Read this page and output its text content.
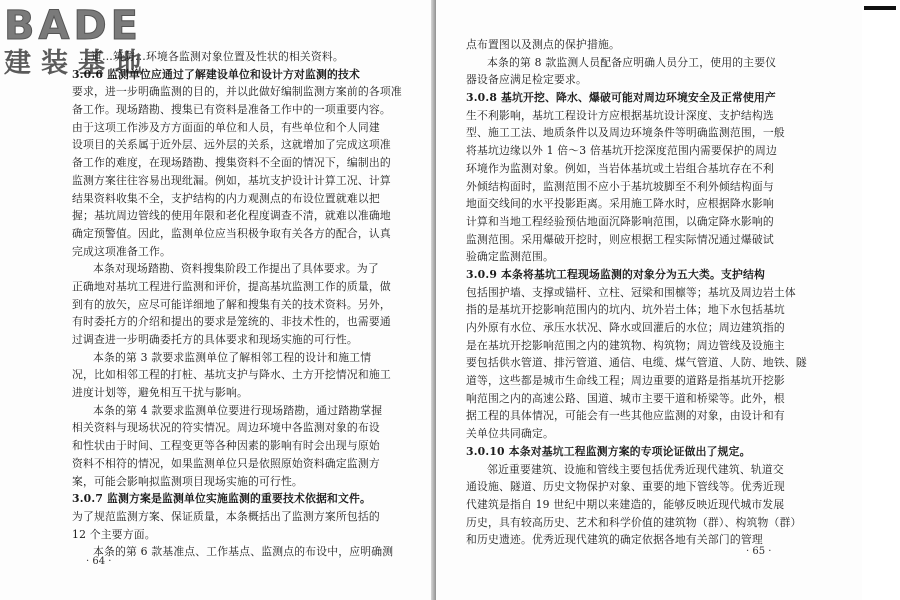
BADE
建装基地
…道…筑防…环境各监测对象位置及性状的相关资料。
3.0.6 监测单位应通过了解建设单位和设计方对监测的技术
要求，进一步明确监测的目的，并以此做好编制监测方案前的各项准
备工作。现场踏勘、搜集已有资料是准备工作中的一项重要内容。
由于这项工作涉及方方面面的单位和人员，有些单位和个人同建
设项目的关系属于近外层、远外层的关系，这就增加了完成这项准
备工作的难度，在现场踏勘、搜集资料不全面的情况下，编制出的
监测方案往往容易出现纰漏。例如，基坑支护设计计算工况、计算
结果资料收集不全，支护结构的内力观测点的布设位置就难以把
握；基坑周边管线的使用年限和老化程度调查不清，就难以准确地
确定预警值。因此，监测单位应当积极争取有关各方的配合，认真
完成这项准备工作。
本条对现场踏勘、资料搜集阶段工作提出了具体要求。为了
正确地对基坑工程进行监测和评价，提高基坑监测工作的质量，做
到有的放矢，应尽可能详细地了解和搜集有关的技术资料。另外，
有时委托方的介绍和提出的要求是笼统的、非技术性的，也需要通
过调查进一步明确委托方的具体要求和现场实施的可行性。
本条的第 3 款要求监测单位了解相邻工程的设计和施工情
况，比如相邻工程的打桩、基坑支护与降水、土方开挖情况和施工
进度计划等，避免相互干扰与影响。
本条的第 4 款要求监测单位要进行现场踏勘，通过踏勘掌握
相关资料与现场状况的符实情况。周边环境中各监测对象的布设
和性状由于时间、工程变更等各种因素的影响有时会出现与原始
资料不相符的情况，如果监测单位只是依照原始资料确定监测方
案，可能会影响拟监测项目现场实施的可行性。
3.0.7 监测方案是监测单位实施监测的重要技术依据和文件。
为了规范监测方案、保证质量，本条概括出了监测方案所包括的
12 个主要方面。
本条的第 6 款基准点、工作基点、监测点的布设中，应明确测
· 64 ·
点布置图以及测点的保护措施。
本条的第 8 款监测人员配备应明确人员分工，使用的主要仪
器设备应满足检定要求。
3.0.8 基坑开挖、降水、爆破可能对周边环境安全及正常使用产
生不利影响，基坑工程设计方应根据基坑设计深度、支护结构选
型、施工工法、地质条件以及周边环境条件等明确监测范围，一般
将基坑边缘以外 1 倍～3 倍基坑开挖深度范围内需要保护的周边
环境作为监测对象。例如，当岩体基坑或土岩组合基坑存在不利
外倾结构面时，监测范围不应小于基坑坡脚至不利外倾结构面与
地面交线间的水平投影距离。采用施工降水时，应根据降水影响
计算和当地工程经验预估地面沉降影响范围，以确定降水影响的
监测范围。采用爆破开挖时，则应根据工程实际情况通过爆破试
验确定监测范围。
3.0.9 本条将基坑工程现场监测的对象分为五大类。支护结构
包括围护墙、支撑或锚杆、立柱、冠梁和围檩等；基坑及周边岩土体
指的是基坑开挖影响范围内的坑内、坑外岩土体；地下水包括基坑
内外原有水位、承压水状况、降水或回灌后的水位；周边建筑指的
是在基坑开挖影响范围之内的建筑物、构筑物；周边管线及设施主
要包括供水管道、排污管道、通信、电缆、煤气管道、人防、地铁、隧
道等，这些都是城市生命线工程；周边重要的道路是指基坑开挖影
响范围之内的高速公路、国道、城市主要干道和桥梁等。此外，根
据工程的具体情况，可能会有一些其他应监测的对象，由设计和有
关单位共同确定。
3.0.10 本条对基坑工程监测方案的专项论证做出了规定。
邻近重要建筑、设施和管线主要包括优秀近现代建筑、轨道交
通设施、隧道、历史文物保护对象、重要的地下管线等。优秀近现
代建筑是指自 19 世纪中期以来建造的，能够反映近现代城市发展
历史，具有较高历史、艺术和科学价值的建筑物（群）、构筑物（群）
和历史遗迹。优秀近现代建筑的确定依据各地有关部门的管理
· 65 ·
